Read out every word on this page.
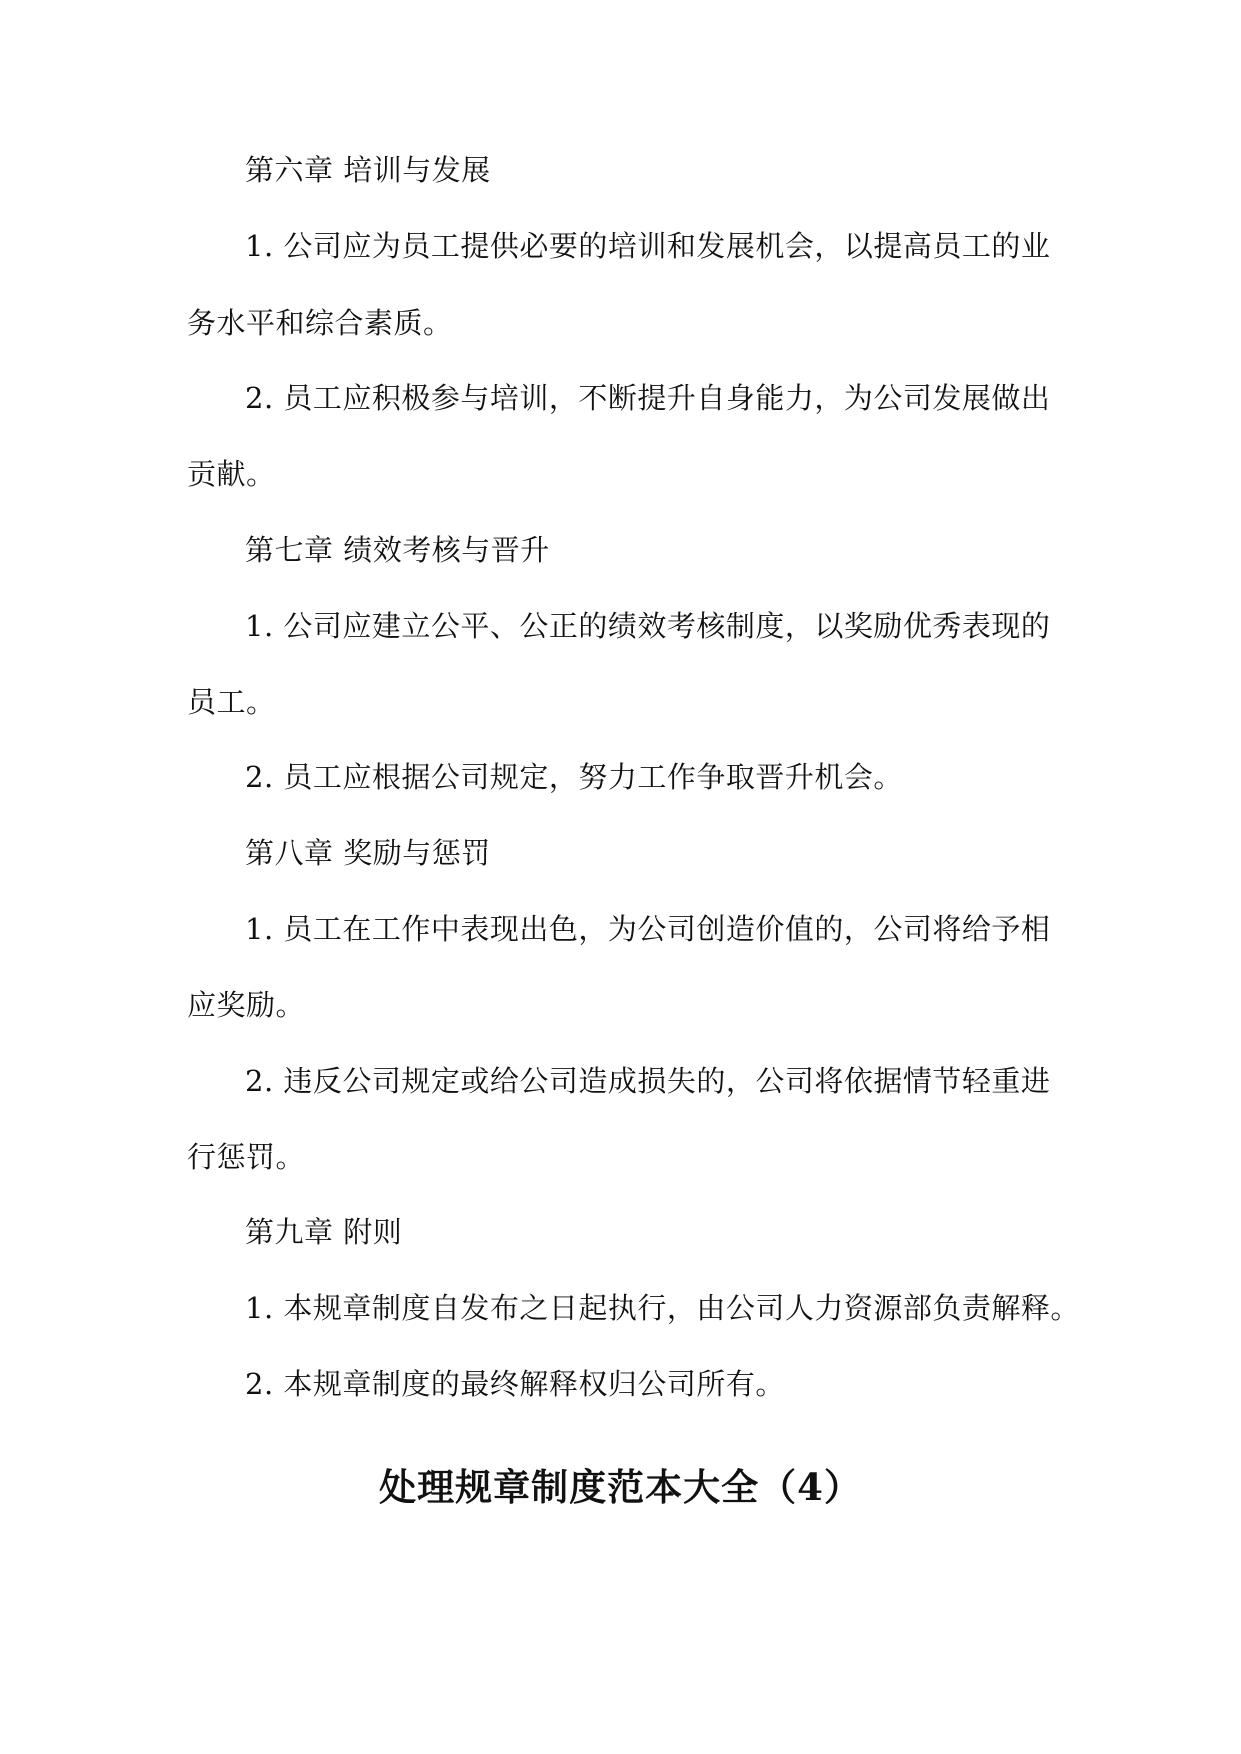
第六章 培训与发展
1. 公司应为员工提供必要的培训和发展机会，以提高员工的业
务水平和综合素质。
2. 员工应积极参与培训，不断提升自身能力，为公司发展做出
贡献。
第七章 绩效考核与晋升
1. 公司应建立公平、公正的绩效考核制度，以奖励优秀表现的
员工。
2. 员工应根据公司规定，努力工作争取晋升机会。
第八章 奖励与惩罚
1. 员工在工作中表现出色，为公司创造价值的，公司将给予相
应奖励。
2. 违反公司规定或给公司造成损失的，公司将依据情节轻重进
行惩罚。
第九章 附则
1. 本规章制度自发布之日起执行，由公司人力资源部负责解释。
2. 本规章制度的最终解释权归公司所有。
处理规章制度范本大全（4）
